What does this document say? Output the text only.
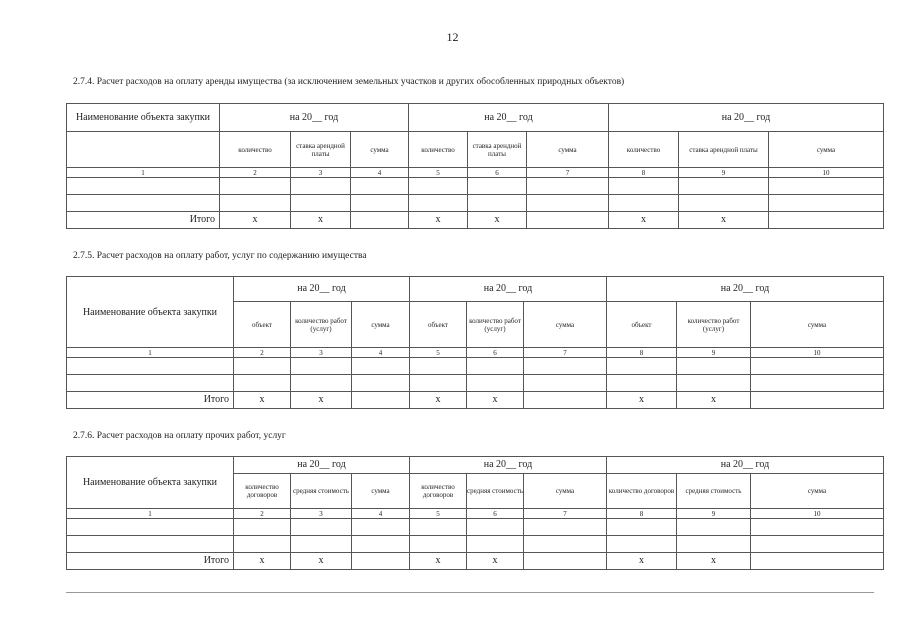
12
2.7.4. Расчет расходов на оплату аренды имущества (за исключением земельных участков и других обособленных природных объектов)
Наименование объекта закупки	на 20__ год			на 20__ год			на 20__ год		
	количество	ставка арендной платы	сумма	количество	ставка арендной платы	сумма	количество	ставка арендной платы	сумма
1	2	3	4	5	6	7	8	9	10

Итого	х	х		х	х		х	х	
2.7.5. Расчет расходов на оплату работ, услуг по содержанию имущества
Наименование объекта закупки	на 20__ год			на 20__ год			на 20__ год		
	объект	количество работ (услуг)	сумма	объект	количество работ (услуг)	сумма	объект	количество работ (услуг)	сумма
1	2	3	4	5	6	7	8	9	10

Итого	х	х		х	х		х	х	
2.7.6. Расчет расходов на оплату прочих работ, услуг
Наименование объекта закупки	на 20__ год			на 20__ год			на 20__ год		
	количество договоров	средняя стоимость	сумма	количество договоров	средняя стоимость	сумма	количество договоров	средняя стоимость	сумма
1	2	3	4	5	6	7	8	9	10

Итого	х	х		х	х		х	х	
